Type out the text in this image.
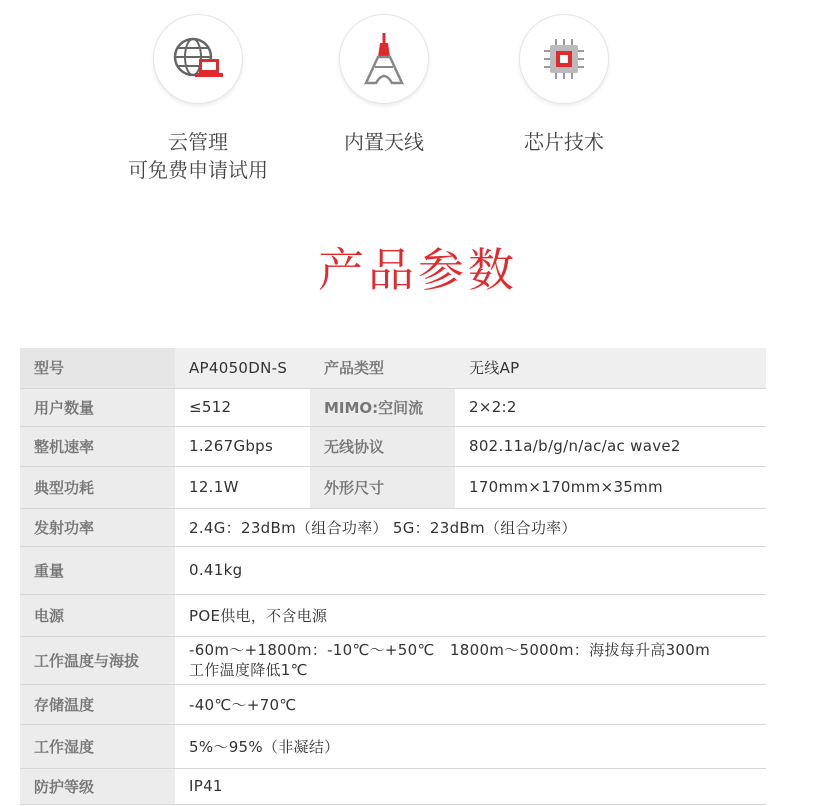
云管理
可免费申请试用
内置天线	芯片技术
产品参数
型号	AP4050DN-S	产品类型	无线AP
用户数量	≤512	MIMO:空间流	2×2:2
整机速率	1.267Gbps	无线协议	802.11a/b/g/n/ac/ac wave2
典型功耗	12.1W	外形尺寸	170mm×170mm×35mm
发射功率	2.4G：23dBm（组合功率） 5G：23dBm（组合功率）		
重量	0.41kg		
电源	POE供电，不含电源		
工作温度与海拔	-60m～+1800m：-10℃～+50℃　1800m～5000m：海拔每升高300m
工作温度降低1℃		

存储温度	-40℃～+70℃		
工作湿度	5%～95%（非凝结）		
防护等级	IP41		
